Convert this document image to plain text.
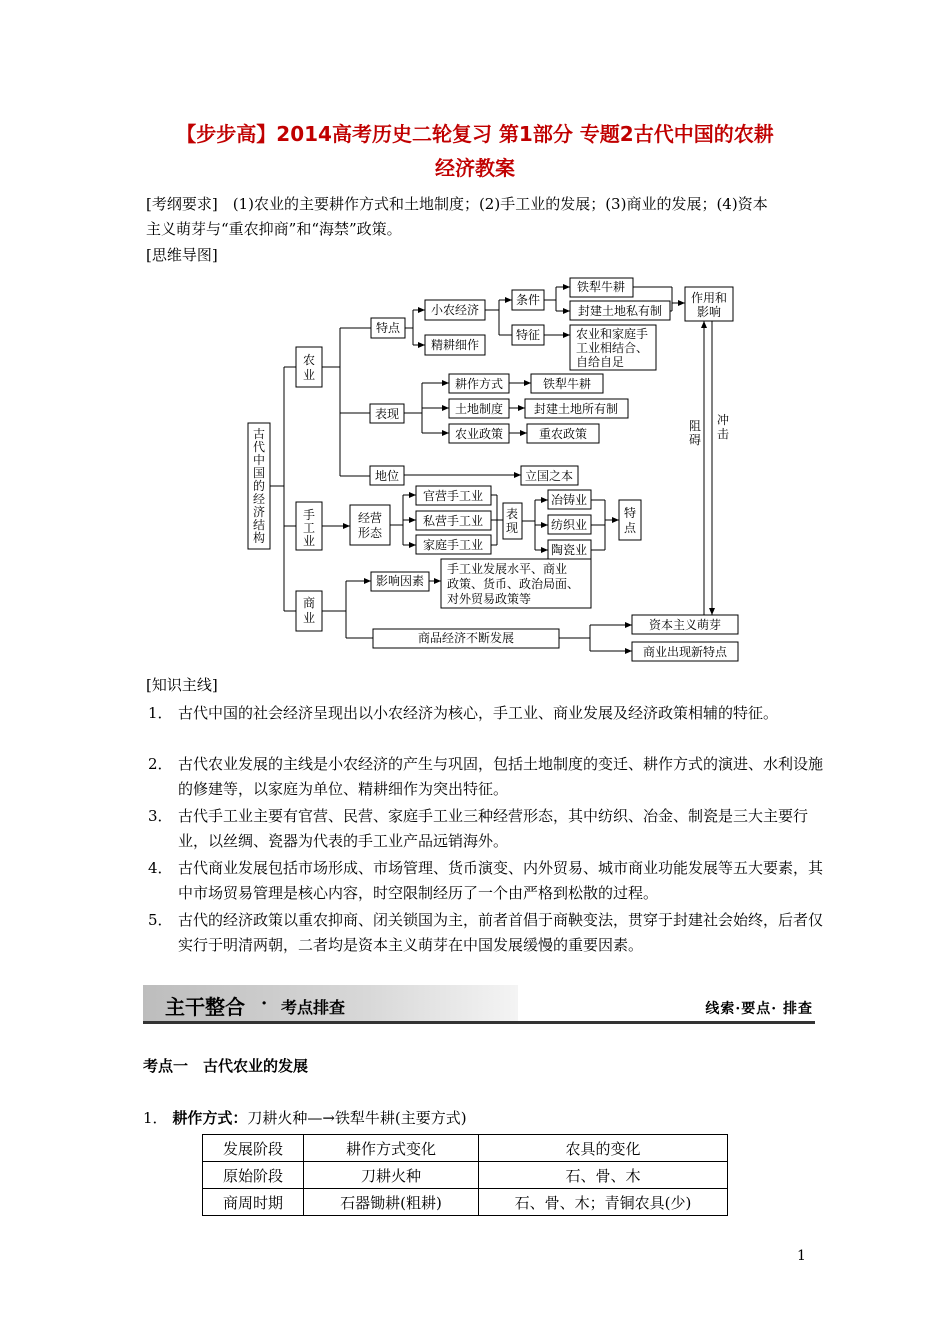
【步步高】2014高考历史二轮复习 第1部分 专题2古代中国的农耕
经济教案
[考纲要求]　(1)农业的主要耕作方式和土地制度；(2)手工业的发展；(3)商业的发展；(4)资本
主义萌芽与“重农抑商”和“海禁”政策。
[思维导图]
古
代
中
国
的
经
济
结
构
农
业
手
工
业
商
业
特点
小农经济
精耕细作
条件
特征
铁犁牛耕
封建土地私有制
农业和家庭手
工业相结合、
自给自足
作用和
影响
表现
耕作方式
土地制度
农业政策
铁犁牛耕
封建土地所有制
重农政策
地位	立国之本
经营
形态
官营手工业
私营手工业
家庭手工业
表
现
冶铸业
纺织业
陶瓷业
特
点
影响因素
手工业发展水平、商业
政策、货币、政治局面、
对外贸易政策等
商品经济不断发展
资本主义萌芽
商业出现新特点
阻
碍
冲
击
[知识主线]
1． 古代中国的社会经济呈现出以小农经济为核心，手工业、商业发展及经济政策相辅的特征。
2． 古代农业发展的主线是小农经济的产生与巩固，包括土地制度的变迁、耕作方式的演进、水利设施的修建等，以家庭为单位、精耕细作为突出特征。
3． 古代手工业主要有官营、民营、家庭手工业三种经营形态，其中纺织、冶金、制瓷是三大主要行业，以丝绸、瓷器为代表的手工业产品远销海外。
4． 古代商业发展包括市场形成、市场管理、货币演变、内外贸易、城市商业功能发展等五大要素，其中市场贸易管理是核心内容，时空限制经历了一个由严格到松散的过程。
5． 古代的经济政策以重农抑商、闭关锁国为主，前者首倡于商鞅变法，贯穿于封建社会始终，后者仅实行于明清两朝，二者均是资本主义萌芽在中国发展缓慢的重要因素。
主干整合 · 考点排查	线索·要点· 排查
考点一　古代农业的发展
1． 耕作方式：刀耕火种—→铁犁牛耕(主要方式)
发展阶段	耕作方式变化	农具的变化
原始阶段	刀耕火种	石、骨、木
商周时期	石器锄耕(粗耕)	石、骨、木；青铜农具(少)
1
